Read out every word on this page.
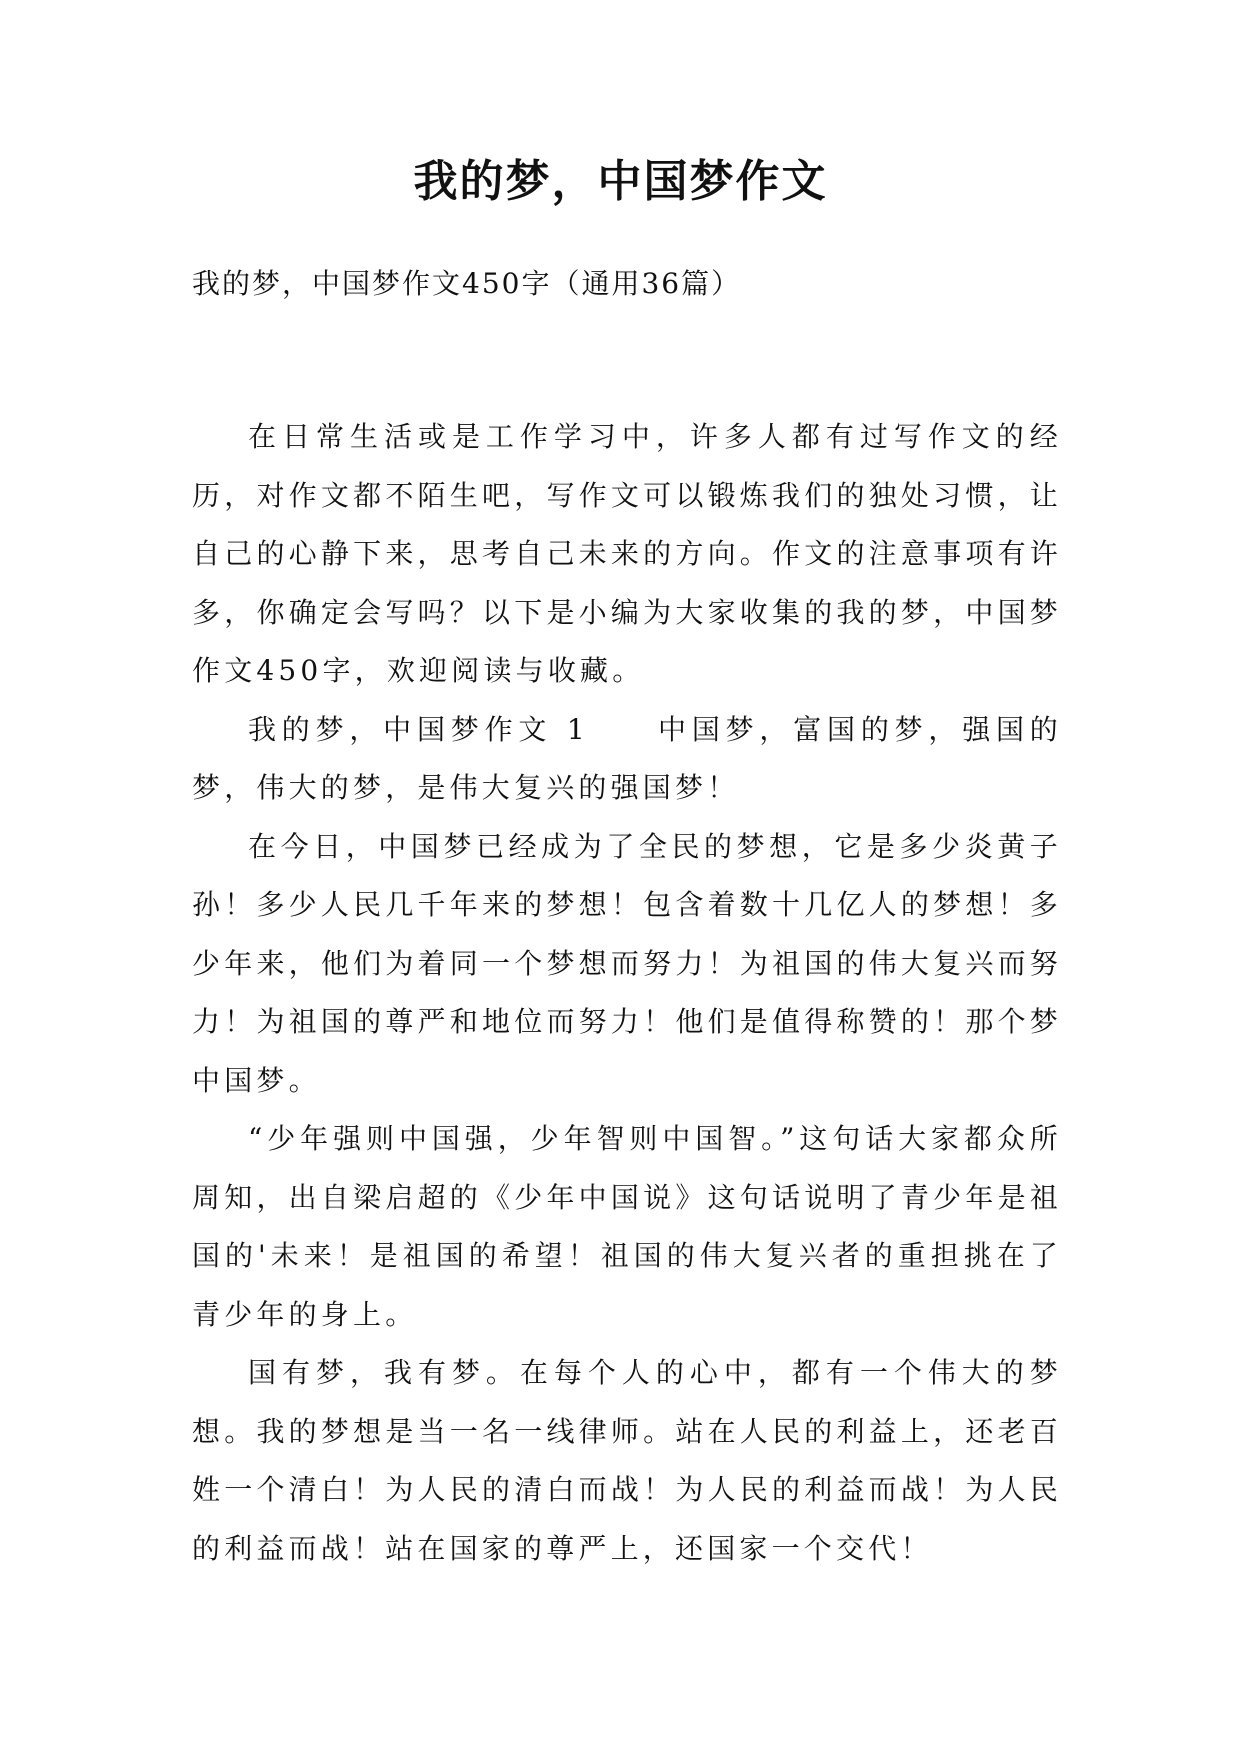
我的梦，中国梦作文

我的梦，中国梦作文450字（通用36篇）

在日常生活或是工作学习中，许多人都有过写作文的经历，对作文都不陌生吧，写作文可以锻炼我们的独处习惯，让自己的心静下来，思考自己未来的方向。作文的注意事项有许多，你确定会写吗？以下是小编为大家收集的我的梦，中国梦作文450字，欢迎阅读与收藏。

我的梦，中国梦作文 1　　中国梦，富国的梦，强国的梦，伟大的梦，是伟大复兴的强国梦！

在今日，中国梦已经成为了全民的梦想，它是多少炎黄子孙！多少人民几千年来的梦想！包含着数十几亿人的梦想！多少年来，他们为着同一个梦想而努力！为祖国的伟大复兴而努力！为祖国的尊严和地位而努力！他们是值得称赞的！那个梦中国梦。

“少年强则中国强，少年智则中国智。”这句话大家都众所周知，出自梁启超的《少年中国说》这句话说明了青少年是祖国的'未来！是祖国的希望！祖国的伟大复兴者的重担挑在了青少年的身上。

国有梦，我有梦。在每个人的心中，都有一个伟大的梦想。我的梦想是当一名一线律师。站在人民的利益上，还老百姓一个清白！为人民的清白而战！为人民的利益而战！为人民的利益而战！站在国家的尊严上，还国家一个交代！
